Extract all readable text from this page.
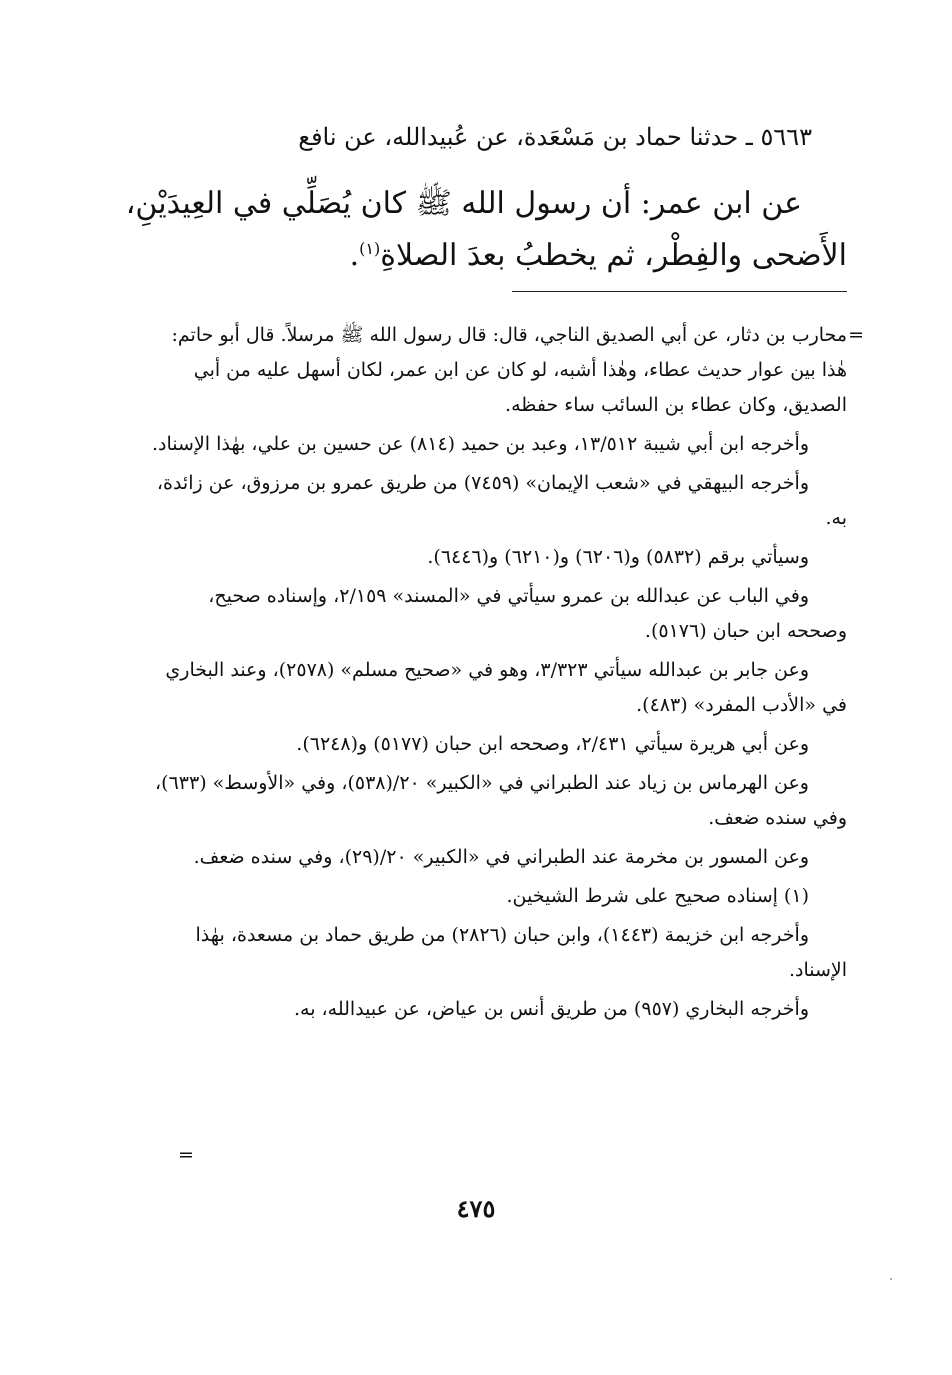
٥٦٦٣ ـ حدثنا حماد بن مَسْعَدة، عن عُبيدالله، عن نافع

عن ابن عمر: أن رسول الله ﷺ كان يُصَلِّي في العِيدَيْنِ،

الأَضحى والفِطْر، ثم يخطبُ بعدَ الصلاةِ$^{(١)}$.

=

محارب بن دثار، عن أبي الصديق الناجي، قال: قال رسول الله ﷺ مرسلاً. قال أبو حاتم: هٰذا بين عوار حديث عطاء، وهٰذا أشبه، لو كان عن ابن عمر، لكان أسهل عليه من أبي الصديق، وكان عطاء بن السائب ساء حفظه.

وأخرجه ابن أبي شيبة ١٣/٥١٢، وعبد بن حميد (٨١٤) عن حسين بن علي، بهٰذا الإسناد.

وأخرجه البيهقي في «شعب الإيمان» (٧٤٥٩) من طريق عمرو بن مرزوق، عن زائدة، به.

وسيأتي برقم (٥٨٣٢) و(٦٢٠٦) و(٦٢١٠) و(٦٤٤٦).

وفي الباب عن عبدالله بن عمرو سيأتي في «المسند» ٢/١٥٩، وإسناده صحيح، وصححه ابن حبان (٥١٧٦).

وعن جابر بن عبدالله سيأتي ٣/٣٢٣، وهو في «صحيح مسلم» (٢٥٧٨)، وعند البخاري في «الأدب المفرد» (٤٨٣).

وعن أبي هريرة سيأتي ٢/٤٣١، وصححه ابن حبان (٥١٧٧) و(٦٢٤٨).

وعن الهرماس بن زياد عند الطبراني في «الكبير» ٢٠/(٥٣٨)، وفي «الأوسط» (٦٣٣)، وفي سنده ضعف.

وعن المسور بن مخرمة عند الطبراني في «الكبير» ٢٠/(٢٩)، وفي سنده ضعف.

(١) إسناده صحيح على شرط الشيخين.

وأخرجه ابن خزيمة (١٤٤٣)، وابن حبان (٢٨٢٦) من طريق حماد بن مسعدة، بهٰذا الإسناد.

وأخرجه البخاري (٩٥٧) من طريق أنس بن عياض، عن عبيدالله، به.

=
٤٧٥
